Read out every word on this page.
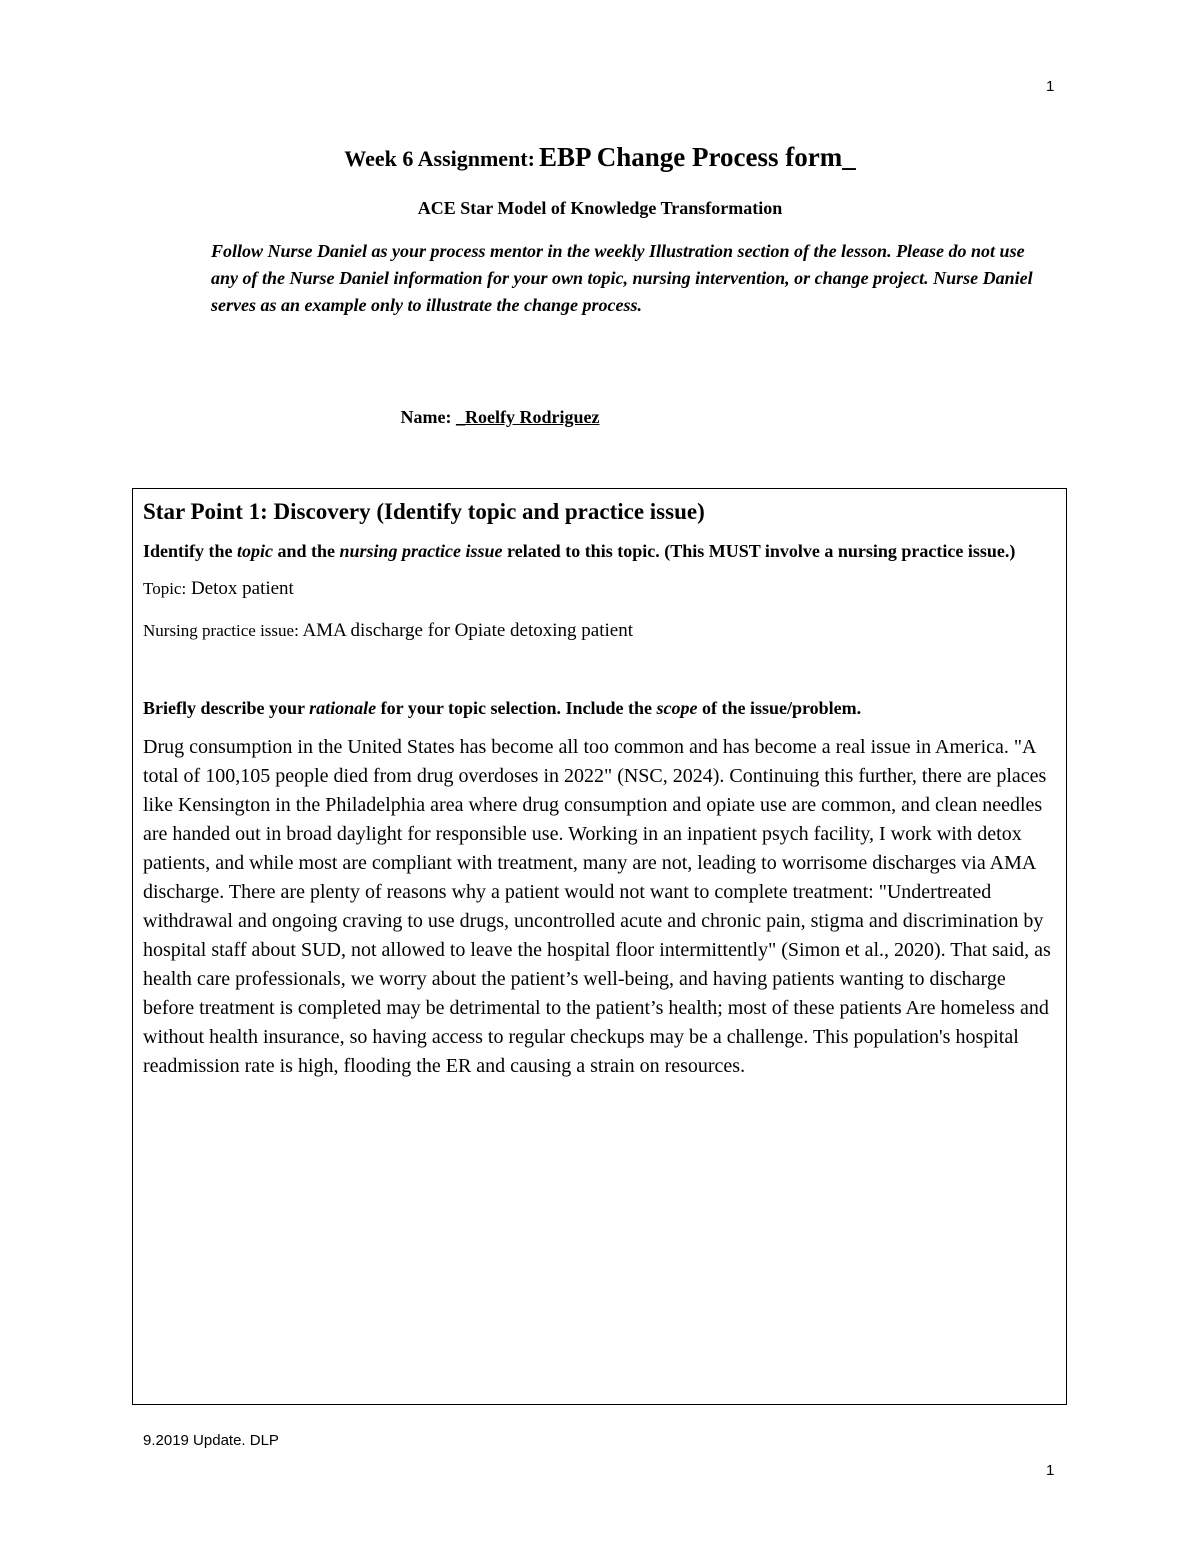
1
Week 6 Assignment: EBP Change Process form_
ACE Star Model of Knowledge Transformation
Follow Nurse Daniel as your process mentor in the weekly Illustration section of the lesson. Please do not use any of the Nurse Daniel information for your own topic, nursing intervention, or change project. Nurse Daniel serves as an example only to illustrate the change process.
Name: _Roelfy Rodriguez
Star Point 1: Discovery (Identify topic and practice issue)
Identify the topic and the nursing practice issue related to this topic. (This MUST involve a nursing practice issue.)
Topic: Detox patient
Nursing practice issue: AMA discharge for Opiate detoxing patient
Briefly describe your rationale for your topic selection. Include the scope of the issue/problem.
Drug consumption in the United States has become all too common and has become a real issue in America. "A total of 100,105 people died from drug overdoses in 2022" (NSC, 2024). Continuing this further, there are places like Kensington in the Philadelphia area where drug consumption and opiate use are common, and clean needles are handed out in broad daylight for responsible use. Working in an inpatient psych facility, I work with detox patients, and while most are compliant with treatment, many are not, leading to worrisome discharges via AMA discharge. There are plenty of reasons why a patient would not want to complete treatment: "Undertreated withdrawal and ongoing craving to use drugs, uncontrolled acute and chronic pain, stigma and discrimination by hospital staff about SUD, not allowed to leave the hospital floor intermittently" (Simon et al., 2020). That said, as health care professionals, we worry about the patient’s well-being, and having patients wanting to discharge before treatment is completed may be detrimental to the patient’s health; most of these patients Are homeless and without health insurance, so having access to regular checkups may be a challenge. This population's hospital readmission rate is high, flooding the ER and causing a strain on resources.
9.2019 Update. DLP
1
